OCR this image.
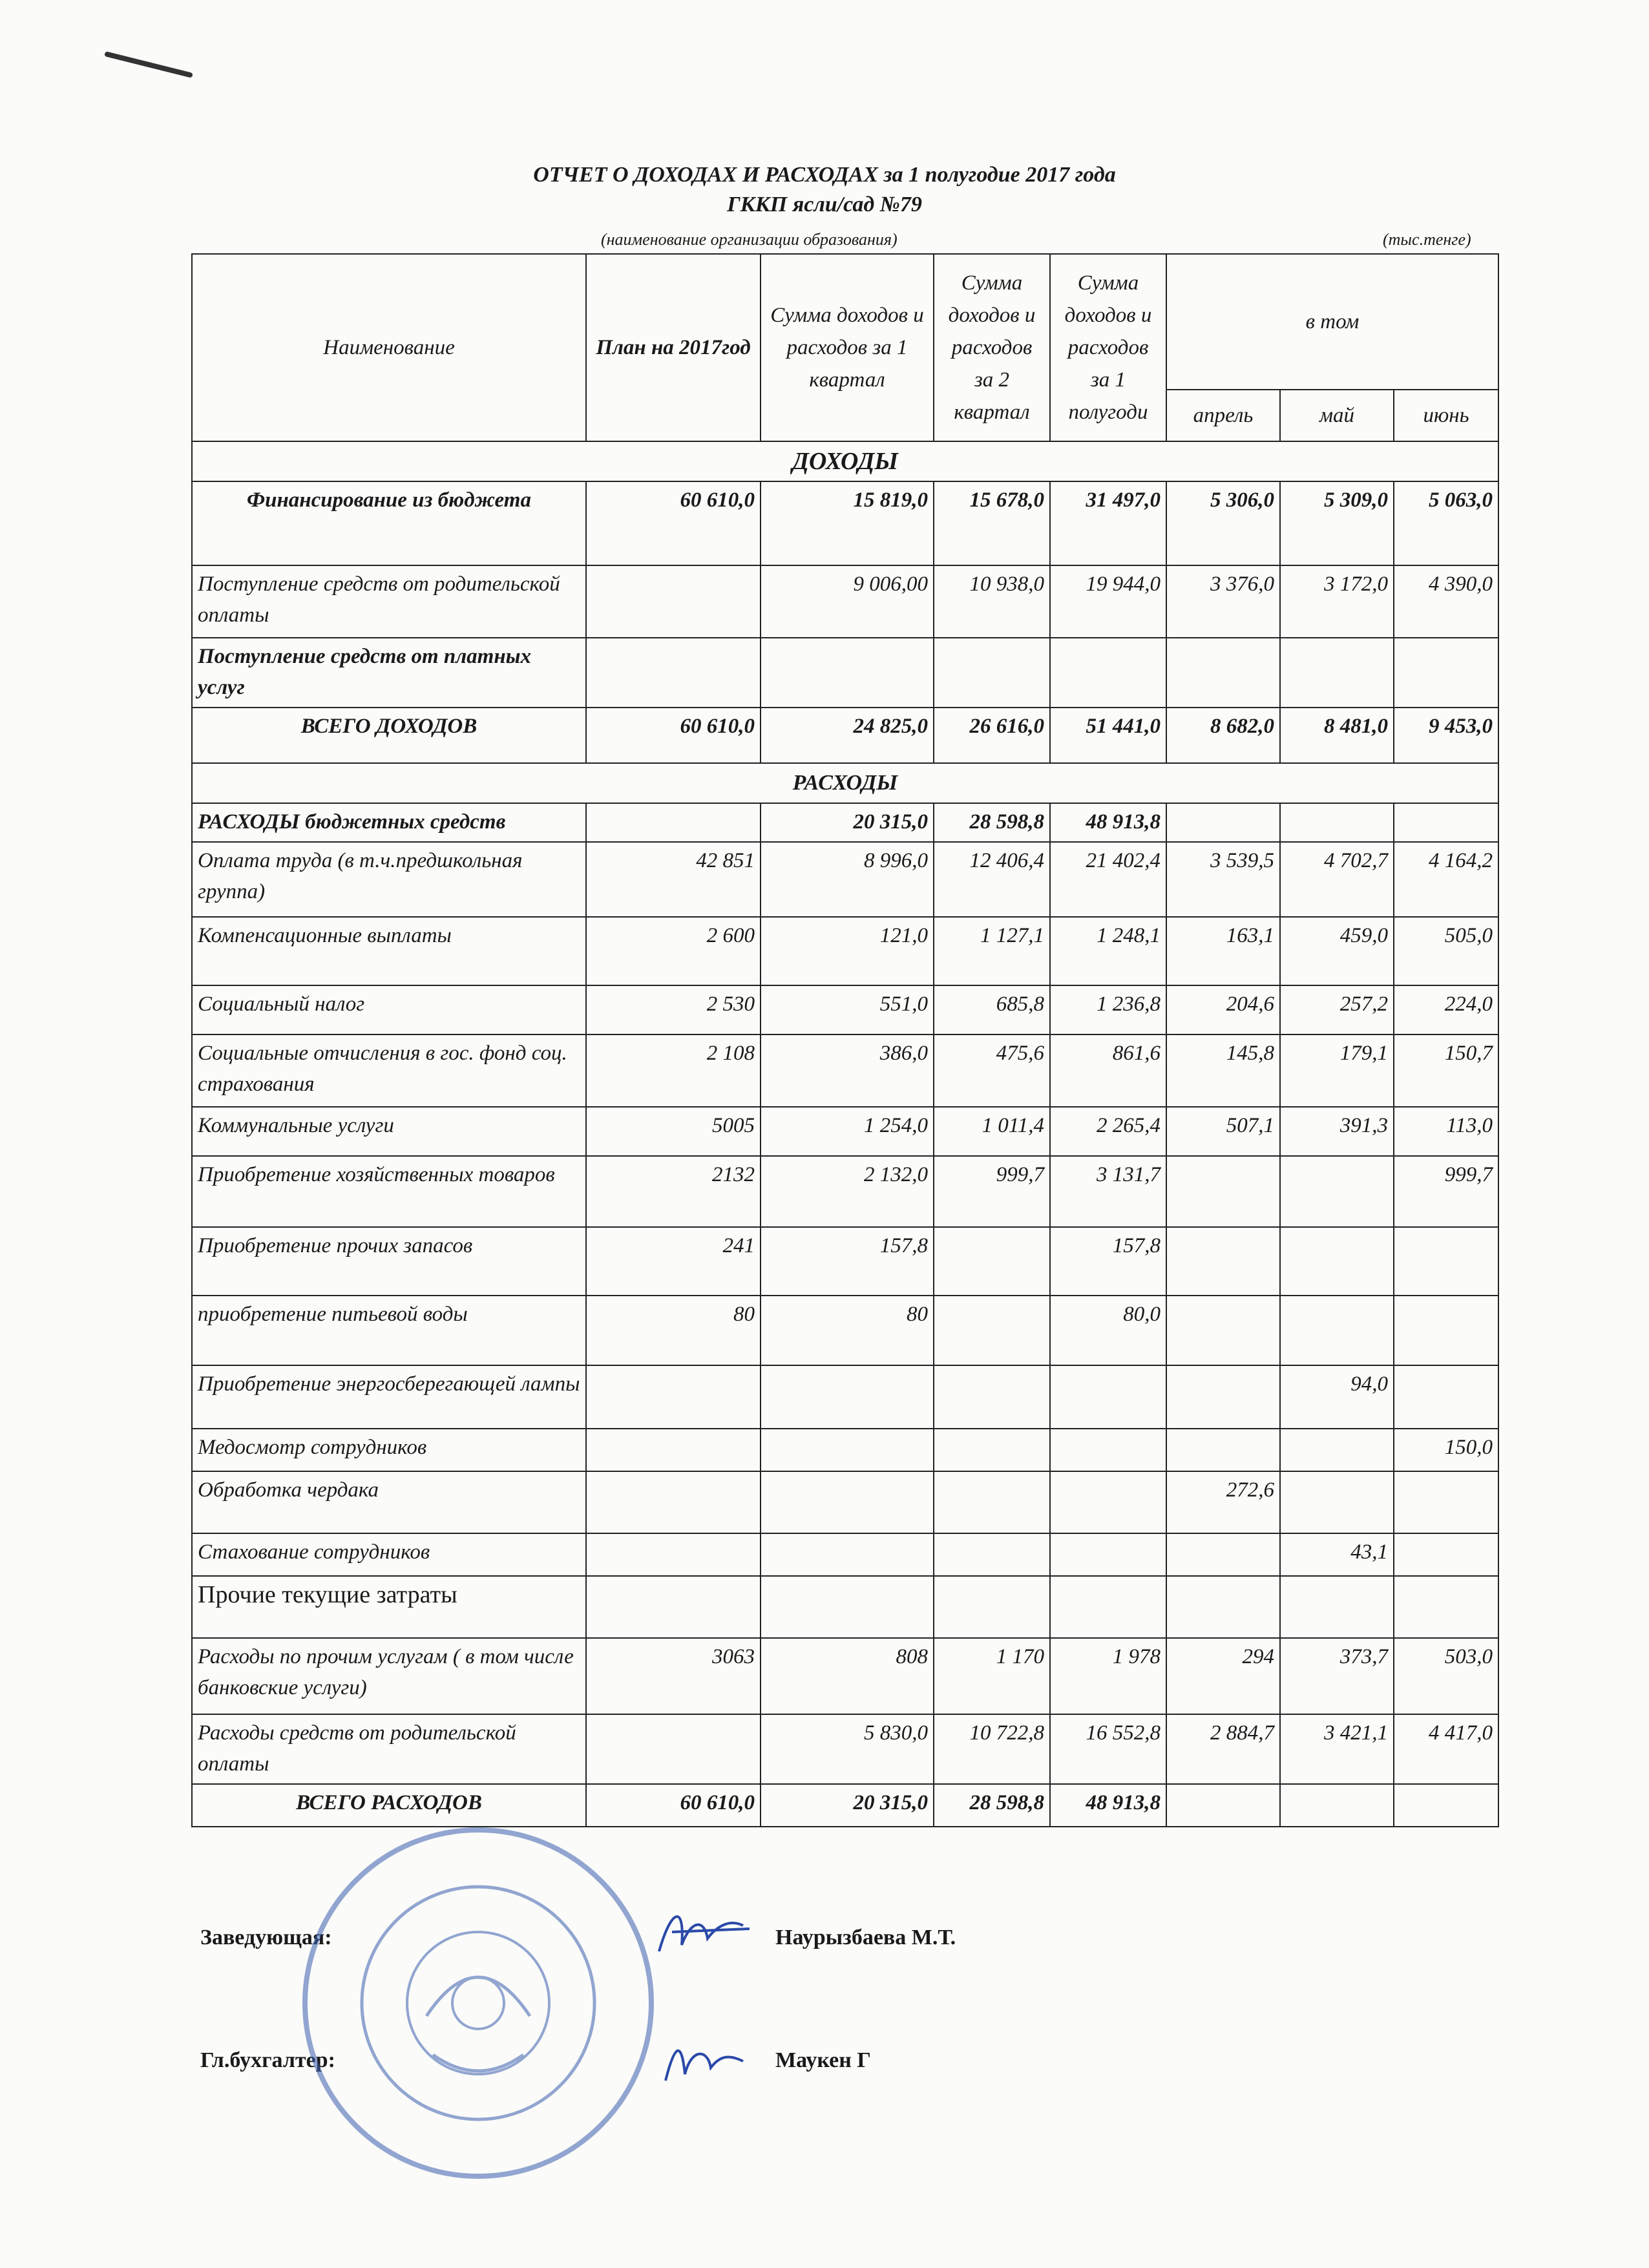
ОТЧЕТ О ДОХОДАХ И РАСХОДАХ за 1 полугодие 2017 года
ГККП ясли/сад №79
(наименование организации образования)	(тыс.тенге)
Наименование	План на 2017год	Сумма доходов и расходов за 1 квартал	Сумма доходов и расходов за 2 квартал	Сумма доходов и расходов за 1 полугоди	в том		
					апрель	май	июнь
ДОХОДЫ							
Финансирование из бюджета	60 610,0	15 819,0	15 678,0	31 497,0	5 306,0	5 309,0	5 063,0
Поступление средств от родительской оплаты		9 006,00	10 938,0	19 944,0	3 376,0	3 172,0	4 390,0
Поступление средств от платных услуг							
ВСЕГО ДОХОДОВ	60 610,0	24 825,0	26 616,0	51 441,0	8 682,0	8 481,0	9 453,0
РАСХОДЫ							
РАСХОДЫ бюджетных средств		20 315,0	28 598,8	48 913,8			
Оплата труда (в т.ч.предшкольная группа)	42 851	8 996,0	12 406,4	21 402,4	3 539,5	4 702,7	4 164,2
Компенсационные выплаты	2 600	121,0	1 127,1	1 248,1	163,1	459,0	505,0
Социальный налог	2 530	551,0	685,8	1 236,8	204,6	257,2	224,0
Социальные отчисления в гос. фонд соц. страхования	2 108	386,0	475,6	861,6	145,8	179,1	150,7
Коммунальные услуги	5005	1 254,0	1 011,4	2 265,4	507,1	391,3	113,0
Приобретение хозяйственных товаров	2132	2 132,0	999,7	3 131,7			999,7
Приобретение прочих запасов	241	157,8		157,8			
приобретение питьевой воды	80	80		80,0			
Приобретение энергосберегающей лампы						94,0	
Медосмотр сотрудников							150,0
Обработка чердака					272,6		
Стахование сотрудников						43,1	
Прочие текущие затраты							
Расходы по прочим услугам ( в том числе банковские услуги)	3063	808	1 170	1 978	294	373,7	503,0
Расходы средств от родительской оплаты		5 830,0	10 722,8	16 552,8	2 884,7	3 421,1	4 417,0
ВСЕГО РАСХОДОВ	60 610,0	20 315,0	28 598,8	48 913,8			
Заведующая:	Наурызбаева М.Т.
Гл.бухгалтер:	Маукен Г
